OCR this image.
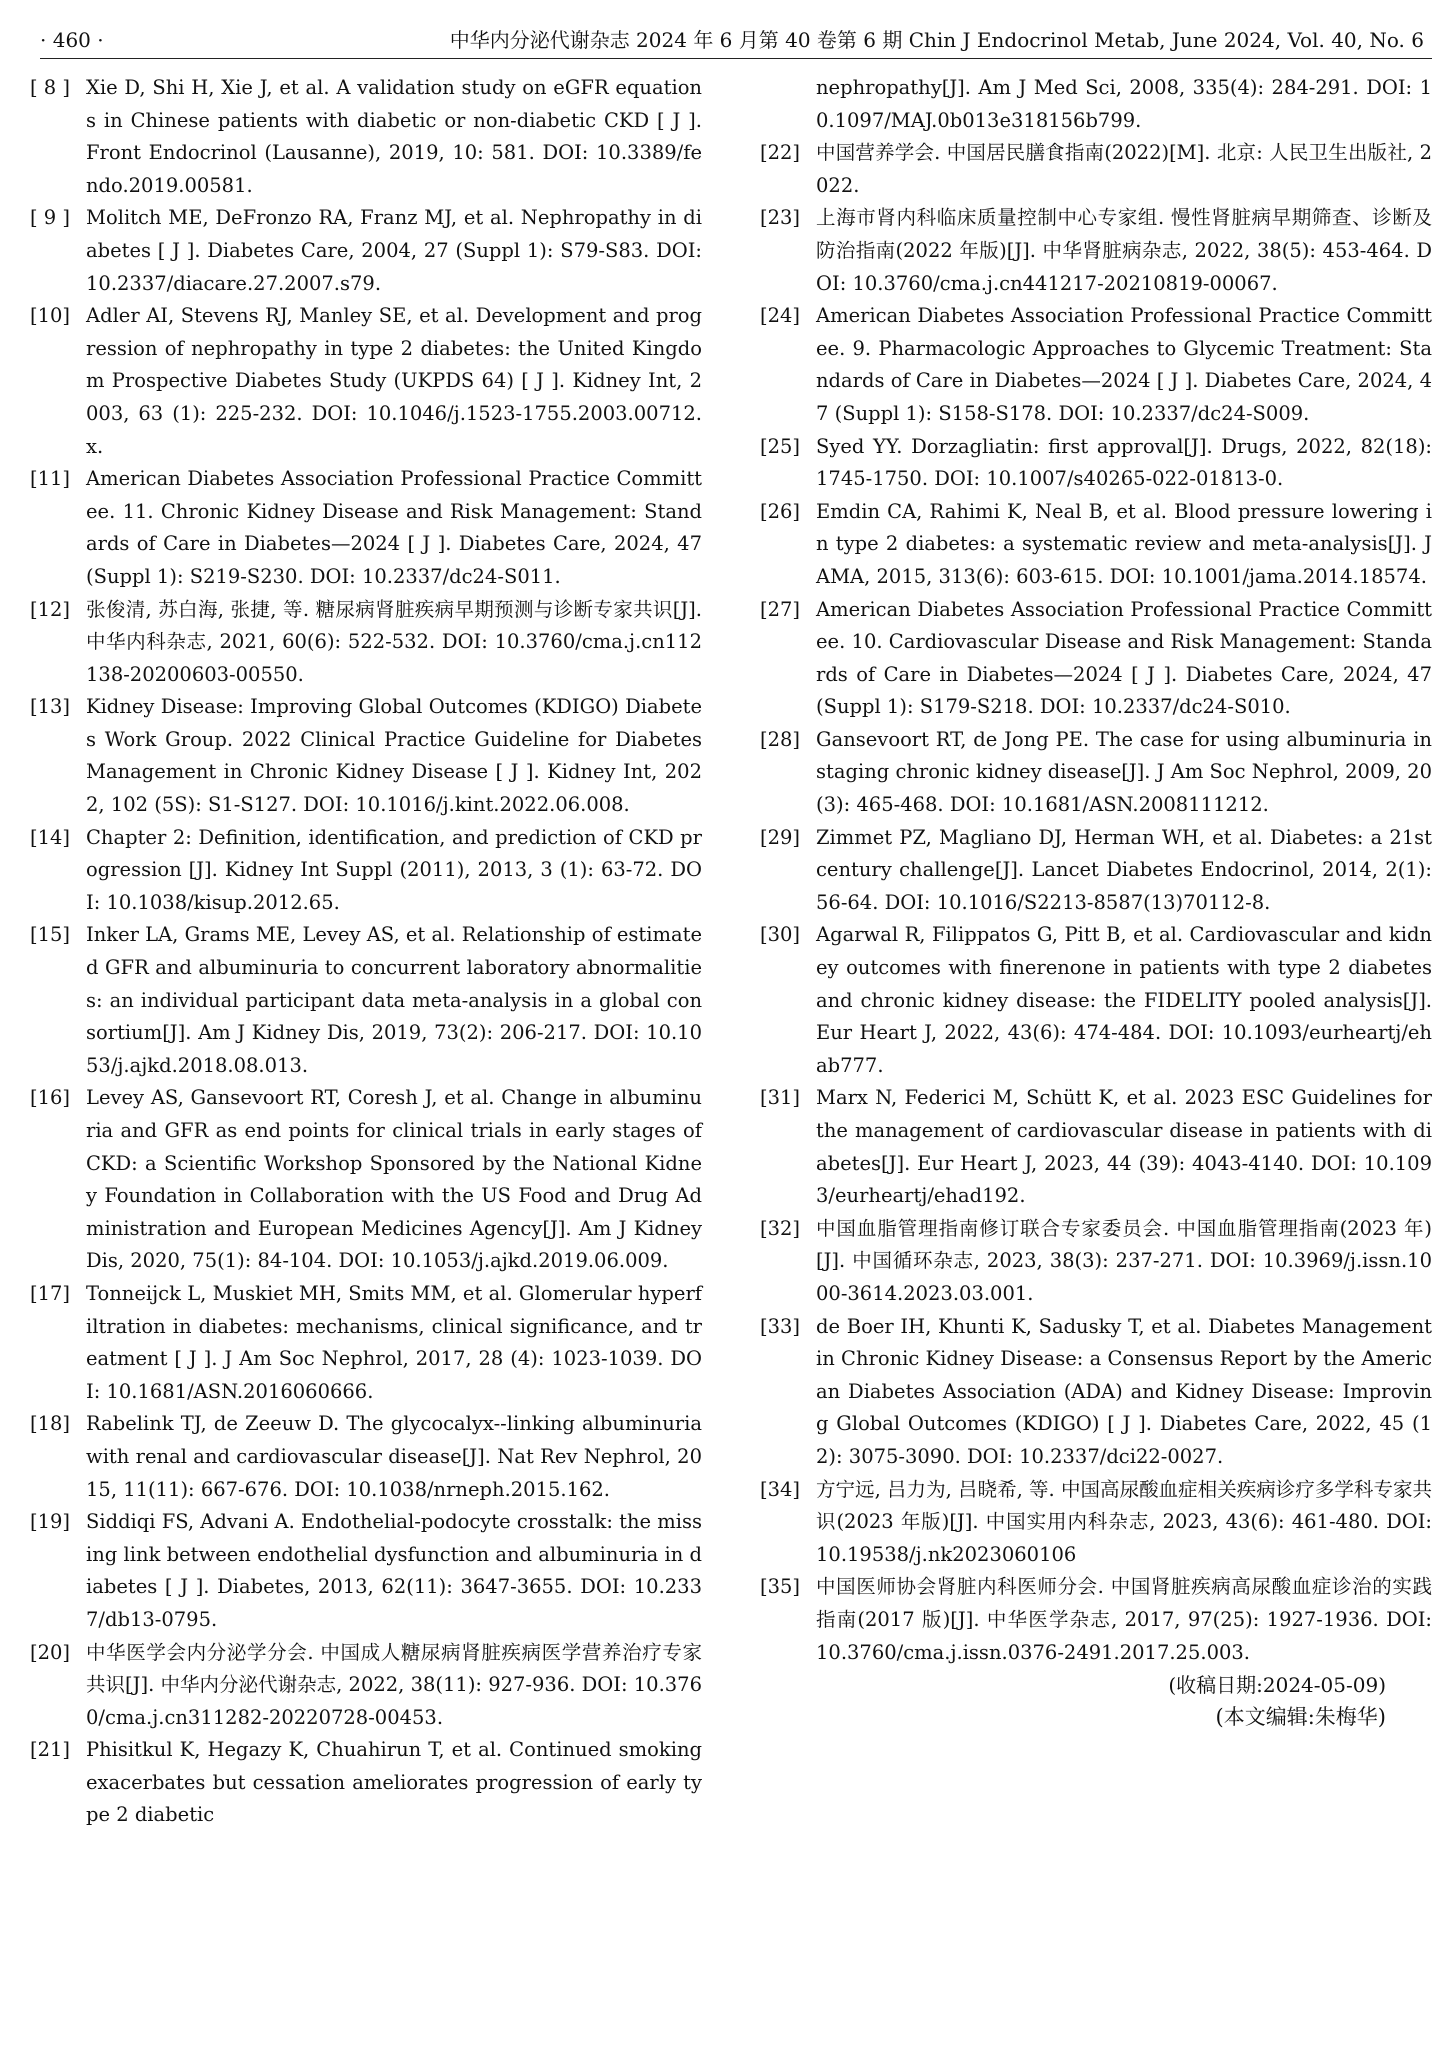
· 460 ·	中华内分泌代谢杂志 2024 年 6 月第 40 卷第 6 期 Chin J Endocrinol Metab, June 2024, Vol. 40, No. 6
[ 8 ] Xie D, Shi H, Xie J, et al. A validation study on eGFR equations in Chinese patients with diabetic or non-diabetic CKD [ J ]. Front Endocrinol (Lausanne), 2019, 10: 581. DOI: 10.3389/fendo.2019.00581.
[ 9 ] Molitch ME, DeFronzo RA, Franz MJ, et al. Nephropathy in diabetes [ J ]. Diabetes Care, 2004, 27 (Suppl 1): S79-S83. DOI: 10.2337/diacare.27.2007.s79.
[10] Adler AI, Stevens RJ, Manley SE, et al. Development and progression of nephropathy in type 2 diabetes: the United Kingdom Prospective Diabetes Study (UKPDS 64) [ J ]. Kidney Int, 2003, 63 (1): 225-232. DOI: 10.1046/j.1523-1755.2003.00712.x.
[11] American Diabetes Association Professional Practice Committee. 11. Chronic Kidney Disease and Risk Management: Standards of Care in Diabetes—2024 [ J ]. Diabetes Care, 2024, 47 (Suppl 1): S219-S230. DOI: 10.2337/dc24-S011.
[12] 张俊清, 苏白海, 张捷, 等. 糖尿病肾脏疾病早期预测与诊断专家共识[J]. 中华内科杂志, 2021, 60(6): 522-532. DOI: 10.3760/cma.j.cn112138-20200603-00550.
[13] Kidney Disease: Improving Global Outcomes (KDIGO) Diabetes Work Group. 2022 Clinical Practice Guideline for Diabetes Management in Chronic Kidney Disease [ J ]. Kidney Int, 2022, 102 (5S): S1-S127. DOI: 10.1016/j.kint.2022.06.008.
[14] Chapter 2: Definition, identification, and prediction of CKD progression [J]. Kidney Int Suppl (2011), 2013, 3 (1): 63-72. DOI: 10.1038/kisup.2012.65.
[15] Inker LA, Grams ME, Levey AS, et al. Relationship of estimated GFR and albuminuria to concurrent laboratory abnormalities: an individual participant data meta-analysis in a global consortium[J]. Am J Kidney Dis, 2019, 73(2): 206-217. DOI: 10.1053/j.ajkd.2018.08.013.
[16] Levey AS, Gansevoort RT, Coresh J, et al. Change in albuminuria and GFR as end points for clinical trials in early stages of CKD: a Scientific Workshop Sponsored by the National Kidney Foundation in Collaboration with the US Food and Drug Administration and European Medicines Agency[J]. Am J Kidney Dis, 2020, 75(1): 84-104. DOI: 10.1053/j.ajkd.2019.06.009.
[17] Tonneijck L, Muskiet MH, Smits MM, et al. Glomerular hyperfiltration in diabetes: mechanisms, clinical significance, and treatment [ J ]. J Am Soc Nephrol, 2017, 28 (4): 1023-1039. DOI: 10.1681/ASN.2016060666.
[18] Rabelink TJ, de Zeeuw D. The glycocalyx--linking albuminuria with renal and cardiovascular disease[J]. Nat Rev Nephrol, 2015, 11(11): 667-676. DOI: 10.1038/nrneph.2015.162.
[19] Siddiqi FS, Advani A. Endothelial-podocyte crosstalk: the missing link between endothelial dysfunction and albuminuria in diabetes [ J ]. Diabetes, 2013, 62(11): 3647-3655. DOI: 10.2337/db13-0795.
[20] 中华医学会内分泌学分会. 中国成人糖尿病肾脏疾病医学营养治疗专家共识[J]. 中华内分泌代谢杂志, 2022, 38(11): 927-936. DOI: 10.3760/cma.j.cn311282-20220728-00453.
[21] Phisitkul K, Hegazy K, Chuahirun T, et al. Continued smoking exacerbates but cessation ameliorates progression of early type 2 diabetic
nephropathy[J]. Am J Med Sci, 2008, 335(4): 284-291. DOI: 10.1097/MAJ.0b013e318156b799.
[22] 中国营养学会. 中国居民膳食指南(2022)[M]. 北京: 人民卫生出版社, 2022.
[23] 上海市肾内科临床质量控制中心专家组. 慢性肾脏病早期筛查、诊断及防治指南(2022 年版)[J]. 中华肾脏病杂志, 2022, 38(5): 453-464. DOI: 10.3760/cma.j.cn441217-20210819-00067.
[24] American Diabetes Association Professional Practice Committee. 9. Pharmacologic Approaches to Glycemic Treatment: Standards of Care in Diabetes—2024 [ J ]. Diabetes Care, 2024, 47 (Suppl 1): S158-S178. DOI: 10.2337/dc24-S009.
[25] Syed YY. Dorzagliatin: first approval[J]. Drugs, 2022, 82(18): 1745-1750. DOI: 10.1007/s40265-022-01813-0.
[26] Emdin CA, Rahimi K, Neal B, et al. Blood pressure lowering in type 2 diabetes: a systematic review and meta-analysis[J]. JAMA, 2015, 313(6): 603-615. DOI: 10.1001/jama.2014.18574.
[27] American Diabetes Association Professional Practice Committee. 10. Cardiovascular Disease and Risk Management: Standards of Care in Diabetes—2024 [ J ]. Diabetes Care, 2024, 47 (Suppl 1): S179-S218. DOI: 10.2337/dc24-S010.
[28] Gansevoort RT, de Jong PE. The case for using albuminuria in staging chronic kidney disease[J]. J Am Soc Nephrol, 2009, 20(3): 465-468. DOI: 10.1681/ASN.2008111212.
[29] Zimmet PZ, Magliano DJ, Herman WH, et al. Diabetes: a 21st century challenge[J]. Lancet Diabetes Endocrinol, 2014, 2(1): 56-64. DOI: 10.1016/S2213-8587(13)70112-8.
[30] Agarwal R, Filippatos G, Pitt B, et al. Cardiovascular and kidney outcomes with finerenone in patients with type 2 diabetes and chronic kidney disease: the FIDELITY pooled analysis[J]. Eur Heart J, 2022, 43(6): 474-484. DOI: 10.1093/eurheartj/ehab777.
[31] Marx N, Federici M, Schütt K, et al. 2023 ESC Guidelines for the management of cardiovascular disease in patients with diabetes[J]. Eur Heart J, 2023, 44 (39): 4043-4140. DOI: 10.1093/eurheartj/ehad192.
[32] 中国血脂管理指南修订联合专家委员会. 中国血脂管理指南(2023 年)[J]. 中国循环杂志, 2023, 38(3): 237-271. DOI: 10.3969/j.issn.1000-3614.2023.03.001.
[33] de Boer IH, Khunti K, Sadusky T, et al. Diabetes Management in Chronic Kidney Disease: a Consensus Report by the American Diabetes Association (ADA) and Kidney Disease: Improving Global Outcomes (KDIGO) [ J ]. Diabetes Care, 2022, 45 (12): 3075-3090. DOI: 10.2337/dci22-0027.
[34] 方宁远, 吕力为, 吕晓希, 等. 中国高尿酸血症相关疾病诊疗多学科专家共识(2023 年版)[J]. 中国实用内科杂志, 2023, 43(6): 461-480. DOI: 10.19538/j.nk2023060106
[35] 中国医师协会肾脏内科医师分会. 中国肾脏疾病高尿酸血症诊治的实践指南(2017 版)[J]. 中华医学杂志, 2017, 97(25): 1927-1936. DOI: 10.3760/cma.j.issn.0376-2491.2017.25.003.
(收稿日期:2024-05-09)
(本文编辑:朱梅华)
